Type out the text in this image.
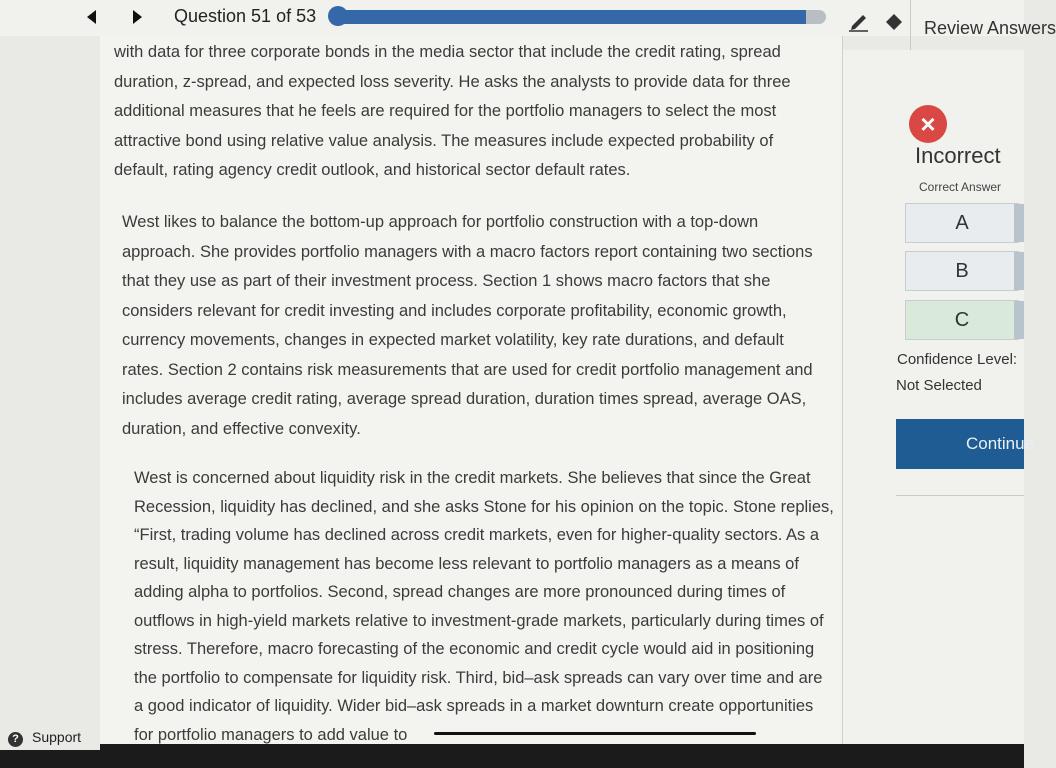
Question 51 of 53
Review Answers

with data for three corporate bonds in the media sector that include the credit rating, spread duration, z-spread, and expected loss severity. He asks the analysts to provide data for three additional measures that he feels are required for the portfolio managers to select the most attractive bond using relative value analysis. The measures include expected probability of default, rating agency credit outlook, and historical sector default rates.

West likes to balance the bottom-up approach for portfolio construction with a top-down approach. She provides portfolio managers with a macro factors report containing two sections that they use as part of their investment process. Section 1 shows macro factors that she considers relevant for credit investing and includes corporate profitability, economic growth, currency movements, changes in expected market volatility, key rate durations, and default rates. Section 2 contains risk measurements that are used for credit portfolio management and includes average credit rating, average spread duration, duration times spread, average OAS, duration, and effective convexity.

West is concerned about liquidity risk in the credit markets. She believes that since the Great Recession, liquidity has declined, and she asks Stone for his opinion on the topic. Stone replies, “First, trading volume has declined across credit markets, even for higher-quality sectors. As a result, liquidity management has become less relevant to portfolio managers as a means of adding alpha to portfolios. Second, spread changes are more pronounced during times of outflows in high-yield markets relative to investment-grade markets, particularly during times of stress. Therefore, macro forecasting of the economic and credit cycle would aid in positioning the portfolio to compensate for liquidity risk. Third, bid–ask spreads can vary over time and are a good indicator of liquidity. Wider bid–ask spreads in a market downturn create opportunities for portfolio managers to add value to

×Incorrect
Correct Answer
A
B
C
Confidence Level:
Not Selected
Continue
? Support
